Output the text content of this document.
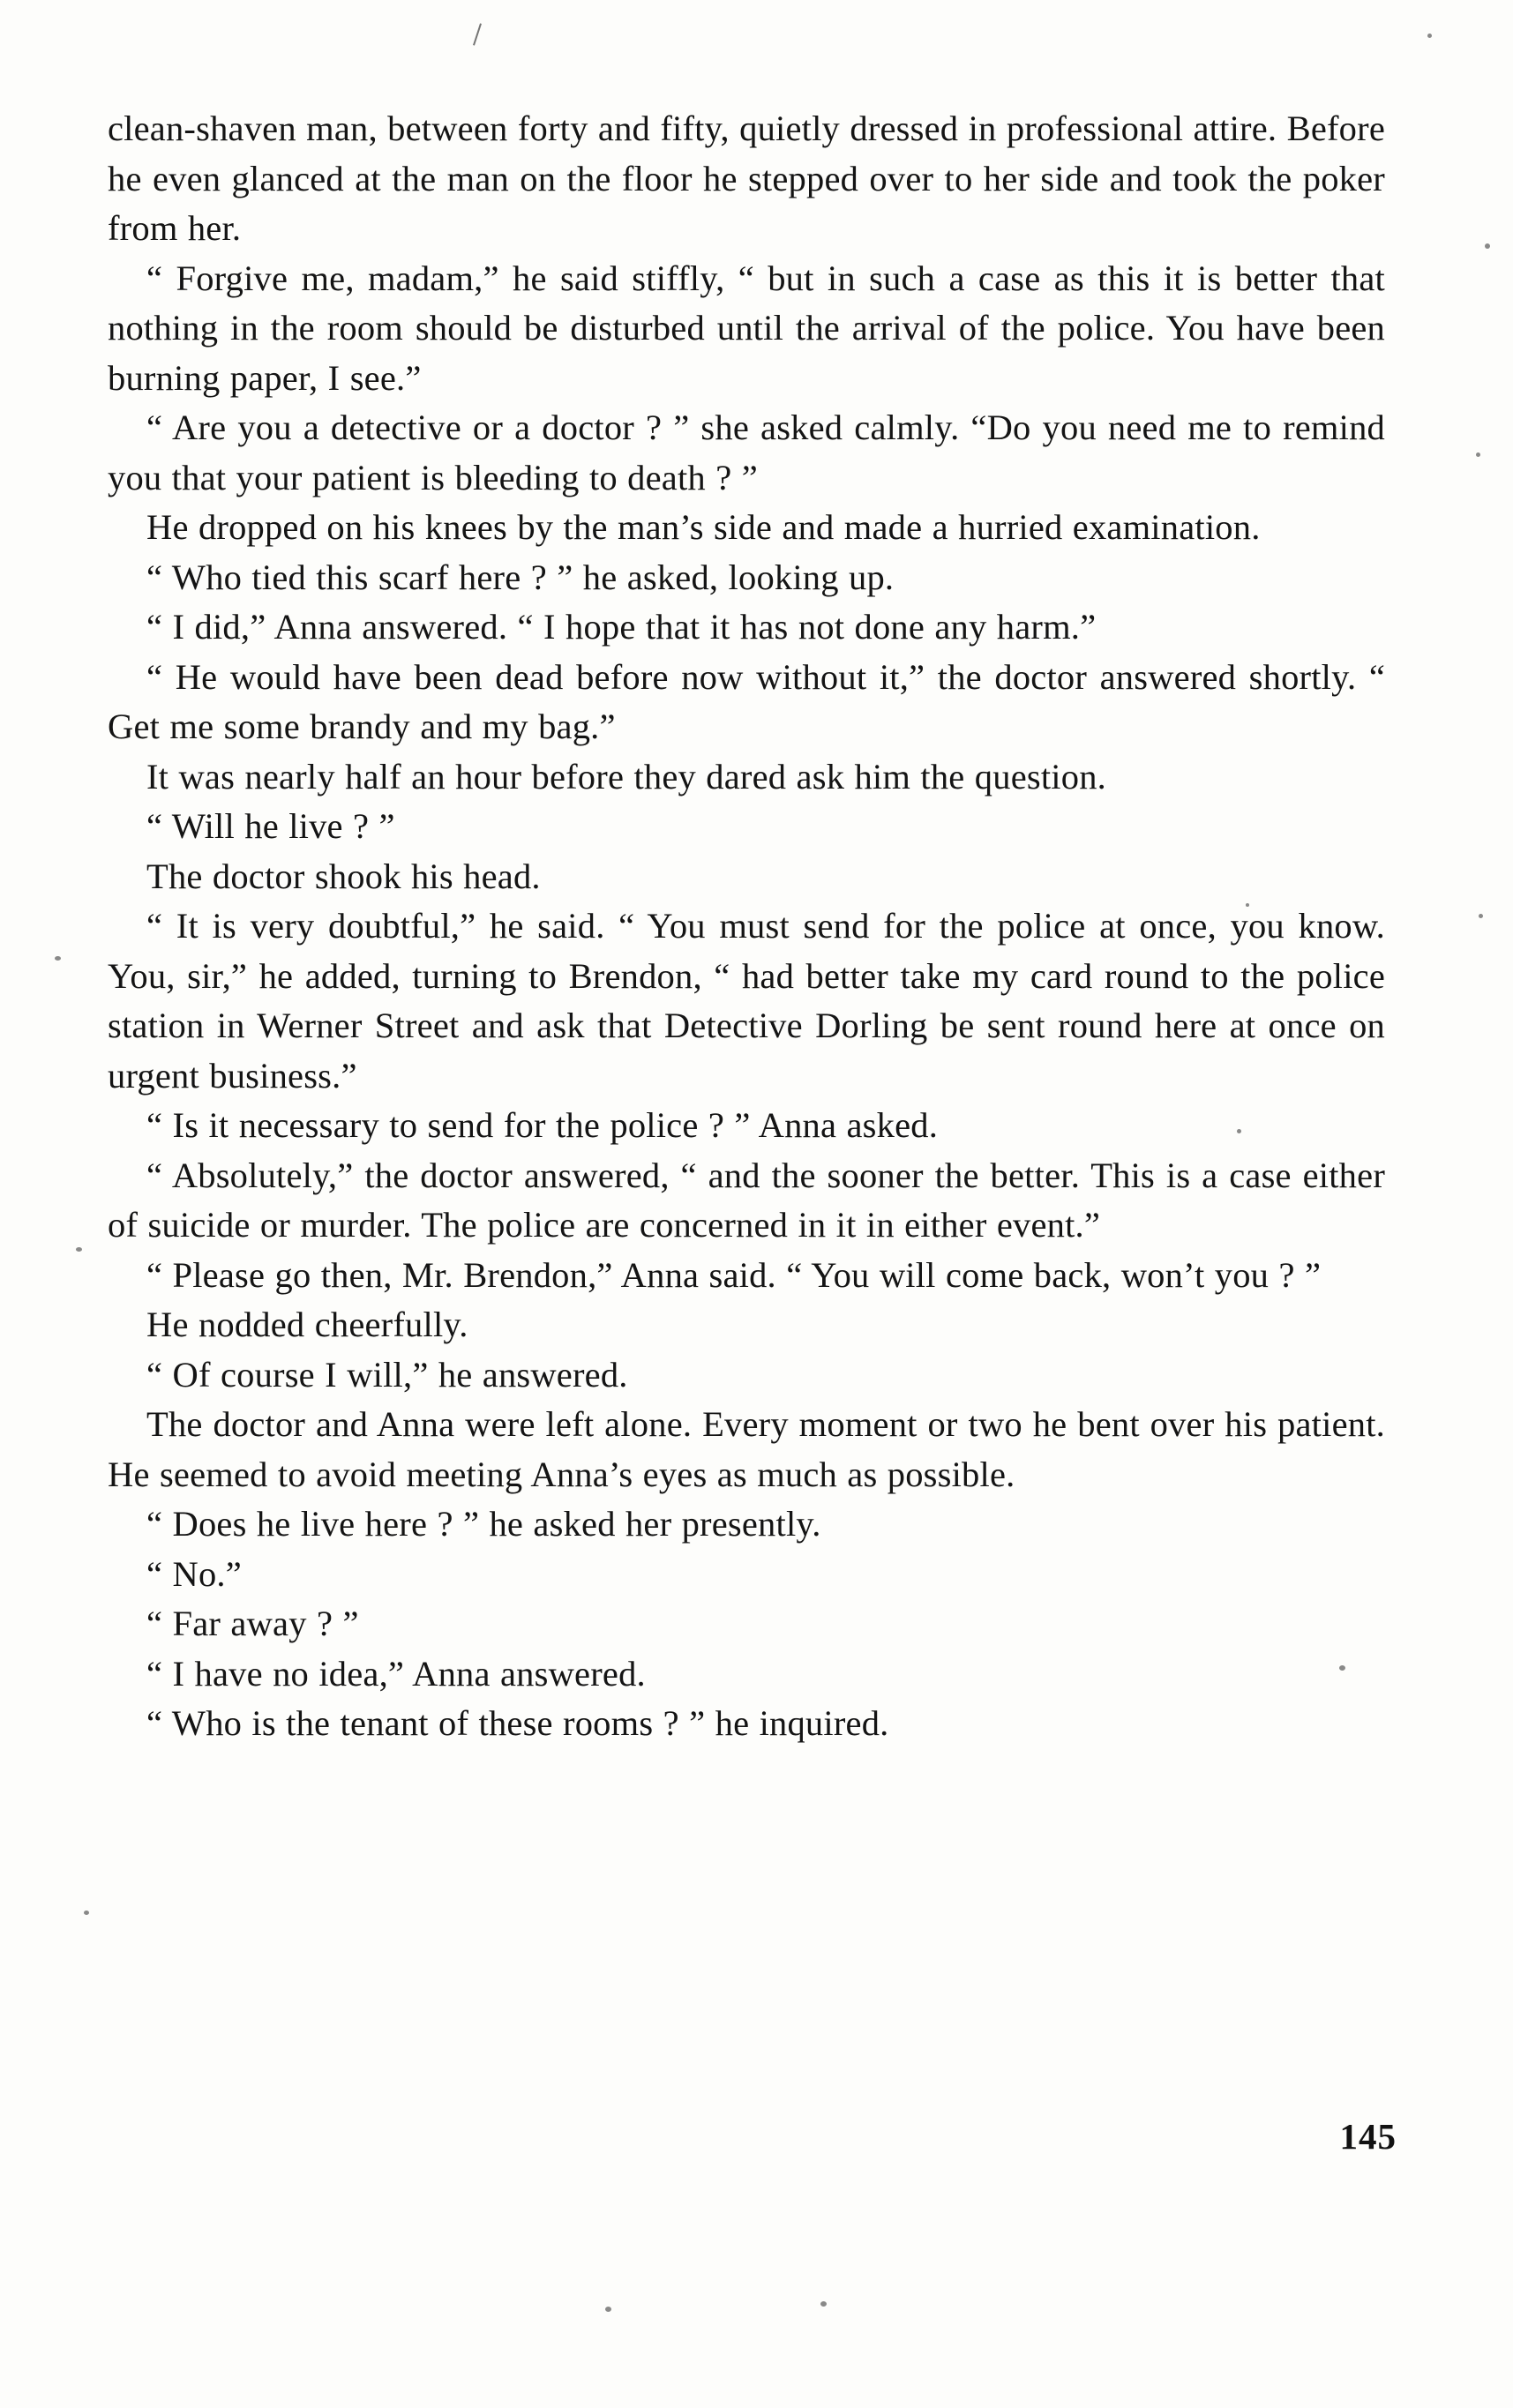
clean-shaven man, between forty and fifty, quietly dressed in professional attire. Before he even glanced at the man on the floor he stepped over to her side and took the poker from her.

“ Forgive me, madam,” he said stiffly, “ but in such a case as this it is better that nothing in the room should be disturbed until the arrival of the police. You have been burning paper, I see.”

“ Are you a detective or a doctor ? ” she asked calmly. “Do you need me to remind you that your patient is bleeding to death ? ”

He dropped on his knees by the man’s side and made a hurried examination.

“ Who tied this scarf here ? ” he asked, looking up.

“ I did,” Anna answered. “ I hope that it has not done any harm.”

“ He would have been dead before now without it,” the doctor answered shortly. “ Get me some brandy and my bag.”

It was nearly half an hour before they dared ask him the question.

“ Will he live ? ”

The doctor shook his head.

“ It is very doubtful,” he said. “ You must send for the police at once, you know. You, sir,” he added, turning to Brendon, “ had better take my card round to the police station in Werner Street and ask that Detective Dorling be sent round here at once on urgent business.”

“ Is it necessary to send for the police ? ” Anna asked.

“ Absolutely,” the doctor answered, “ and the sooner the better. This is a case either of suicide or murder. The police are concerned in it in either event.”

“ Please go then, Mr. Brendon,” Anna said. “ You will come back, won’t you ? ”

He nodded cheerfully.

“ Of course I will,” he answered.

The doctor and Anna were left alone. Every moment or two he bent over his patient. He seemed to avoid meeting Anna’s eyes as much as possible.

“ Does he live here ? ” he asked her presently.

“ No.”

“ Far away ? ”

“ I have no idea,” Anna answered.

“ Who is the tenant of these rooms ? ” he inquired.

145
